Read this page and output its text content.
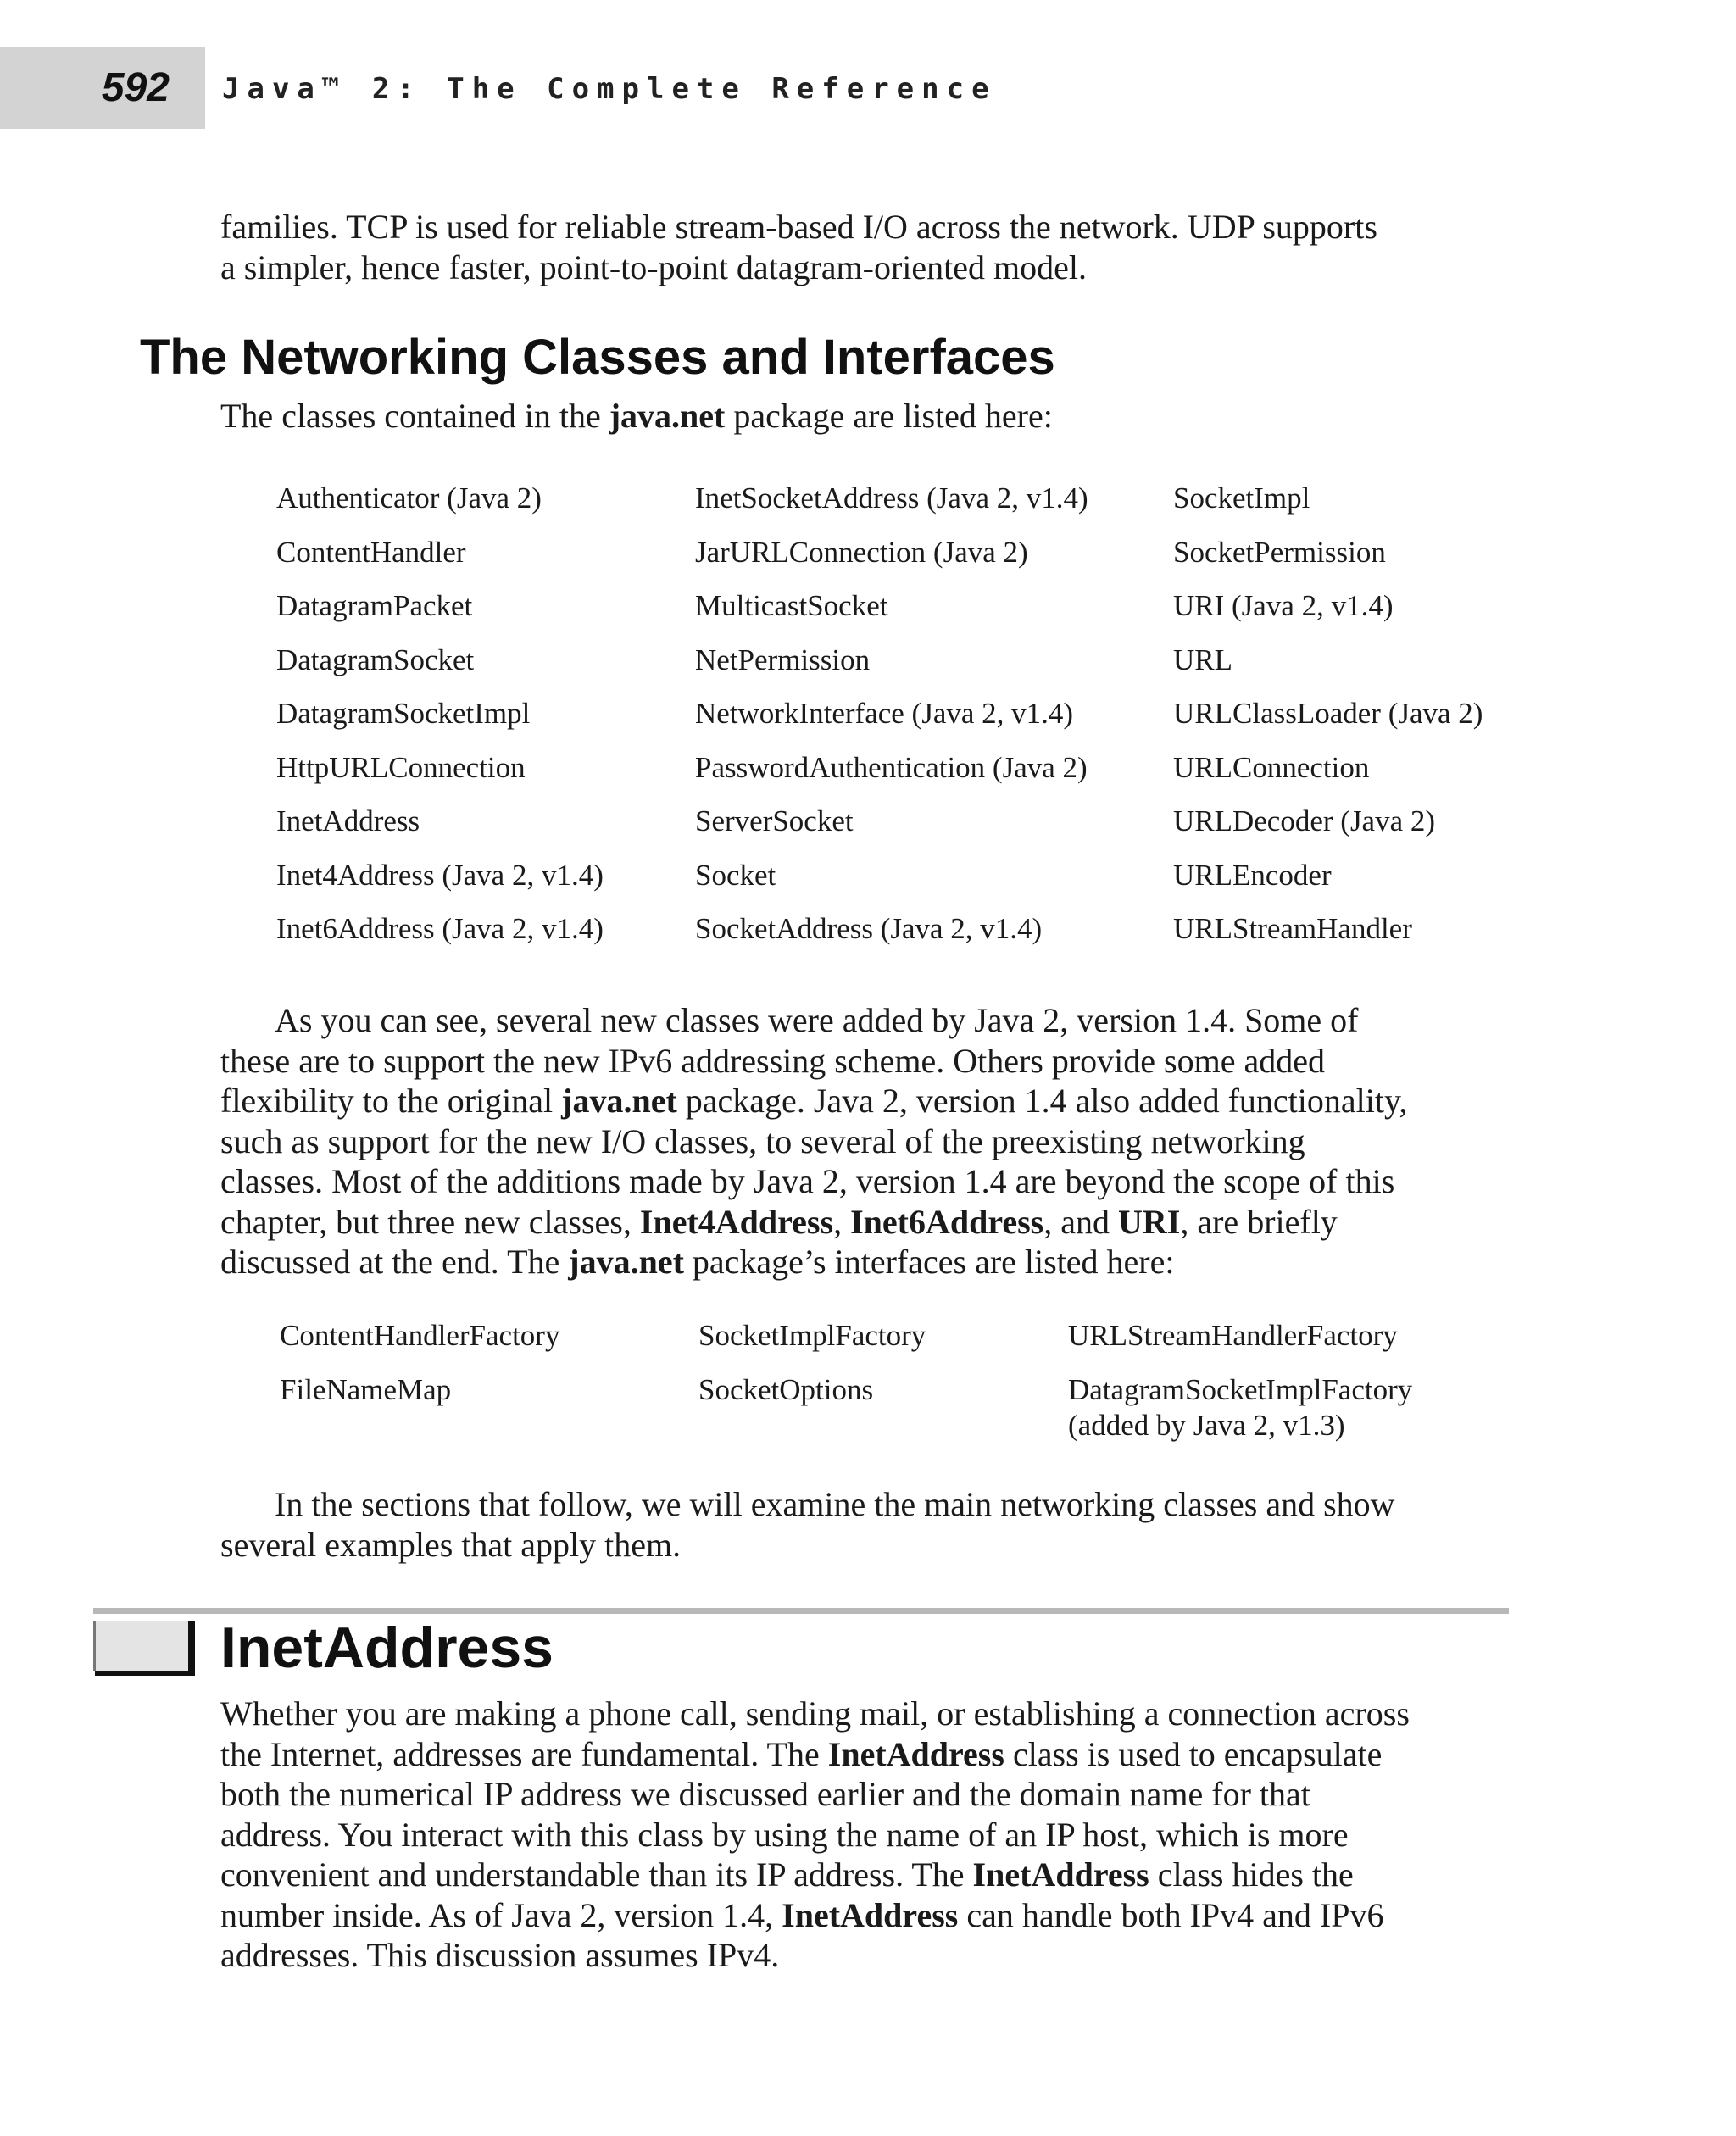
592 Java™ 2: The Complete Reference
families. TCP is used for reliable stream-based I/O across the network. UDP supports
a simpler, hence faster, point-to-point datagram-oriented model.
The Networking Classes and Interfaces
The classes contained in the java.net package are listed here:
Authenticator (Java 2)	InetSocketAddress (Java 2, v1.4)	SocketImpl
ContentHandler	JarURLConnection (Java 2)	SocketPermission
DatagramPacket	MulticastSocket	URI (Java 2, v1.4)
DatagramSocket	NetPermission	URL
DatagramSocketImpl	NetworkInterface (Java 2, v1.4)	URLClassLoader (Java 2)
HttpURLConnection	PasswordAuthentication (Java 2)	URLConnection
InetAddress	ServerSocket	URLDecoder (Java 2)
Inet4Address (Java 2, v1.4)	Socket	URLEncoder
Inet6Address (Java 2, v1.4)	SocketAddress (Java 2, v1.4)	URLStreamHandler
As you can see, several new classes were added by Java 2, version 1.4. Some of
these are to support the new IPv6 addressing scheme. Others provide some added
flexibility to the original java.net package. Java 2, version 1.4 also added functionality,
such as support for the new I/O classes, to several of the preexisting networking
classes. Most of the additions made by Java 2, version 1.4 are beyond the scope of this
chapter, but three new classes, Inet4Address, Inet6Address, and URI, are briefly
discussed at the end. The java.net package’s interfaces are listed here:
ContentHandlerFactory	SocketImplFactory	URLStreamHandlerFactory
FileNameMap	SocketOptions	DatagramSocketImplFactory
(added by Java 2, v1.3)
In the sections that follow, we will examine the main networking classes and show
several examples that apply them.
InetAddress
Whether you are making a phone call, sending mail, or establishing a connection across
the Internet, addresses are fundamental. The InetAddress class is used to encapsulate
both the numerical IP address we discussed earlier and the domain name for that
address. You interact with this class by using the name of an IP host, which is more
convenient and understandable than its IP address. The InetAddress class hides the
number inside. As of Java 2, version 1.4, InetAddress can handle both IPv4 and IPv6
addresses. This discussion assumes IPv4.
